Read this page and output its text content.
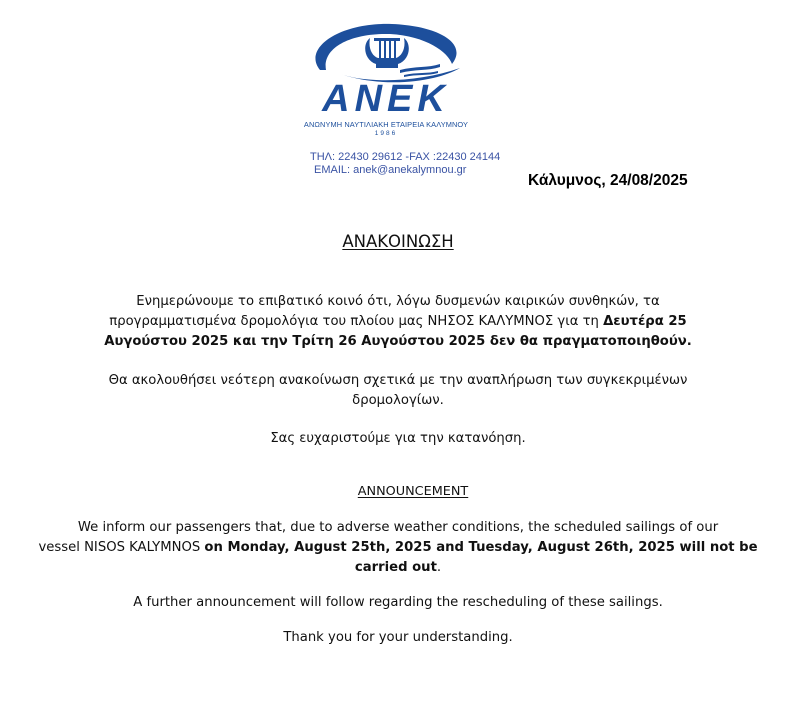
ΑΝΕΚ
ΑΝΩΝΥΜΗ ΝΑΥΤΙΛΙΑΚΗ ΕΤΑΙΡΕΙΑ ΚΑΛΥΜΝΟΥ
1986
ΤΗΛ: 22430 29612 -FAX :22430 24144
EMAIL: anek@anekalymnou.gr
Κάλυμνος, 24/08/2025
ΑΝΑΚΟΙΝΩΣΗ
Ενημερώνουμε το επιβατικό κοινό ότι, λόγω δυσμενών καιρικών συνθηκών, τα
προγραμματισμένα δρομολόγια του πλοίου μας ΝΗΣΟΣ ΚΑΛΥΜΝΟΣ για τη Δευτέρα 25
Αυγούστου 2025 και την Τρίτη 26 Αυγούστου 2025 δεν θα πραγματοποιηθούν.
Θα ακολουθήσει νεότερη ανακοίνωση σχετικά με την αναπλήρωση των συγκεκριμένων
δρομολογίων.
Σας ευχαριστούμε για την κατανόηση.
ANNOUNCEMENT
We inform our passengers that, due to adverse weather conditions, the scheduled sailings of our
vessel NISOS KALYMNOS on Monday, August 25th, 2025 and Tuesday, August 26th, 2025 will not be
carried out.
A further announcement will follow regarding the rescheduling of these sailings.
Thank you for your understanding.
